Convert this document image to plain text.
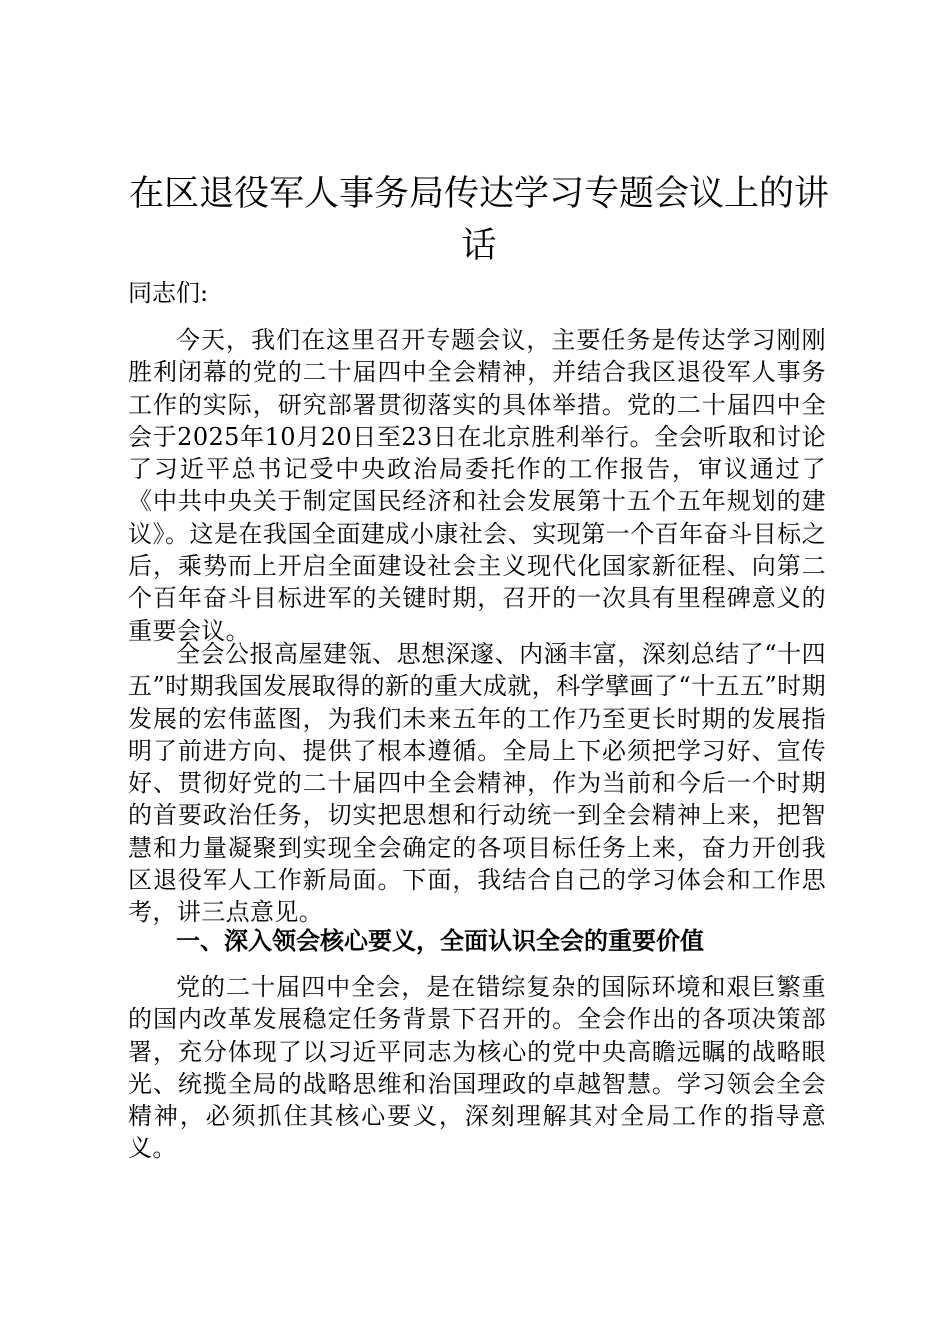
在区退役军人事务局传达学习专题会议上的讲话

同志们:

今天，我们在这里召开专题会议，主要任务是传达学习刚刚胜利闭幕的党的二十届四中全会精神，并结合我区退役军人事务工作的实际，研究部署贯彻落实的具体举措。党的二十届四中全会于2025年10月20日至23日在北京胜利举行。全会听取和讨论了习近平总书记受中央政治局委托作的工作报告，审议通过了《中共中央关于制定国民经济和社会发展第十五个五年规划的建议》。这是在我国全面建成小康社会、实现第一个百年奋斗目标之后，乘势而上开启全面建设社会主义现代化国家新征程、向第二个百年奋斗目标进军的关键时期，召开的一次具有里程碑意义的重要会议。

全会公报高屋建瓴、思想深邃、内涵丰富，深刻总结了“十四五”时期我国发展取得的新的重大成就，科学擘画了“十五五”时期发展的宏伟蓝图，为我们未来五年的工作乃至更长时期的发展指明了前进方向、提供了根本遵循。全局上下必须把学习好、宣传好、贯彻好党的二十届四中全会精神，作为当前和今后一个时期的首要政治任务，切实把思想和行动统一到全会精神上来，把智慧和力量凝聚到实现全会确定的各项目标任务上来，奋力开创我区退役军人工作新局面。下面，我结合自己的学习体会和工作思考，讲三点意见。

一、深入领会核心要义，全面认识全会的重要价值

党的二十届四中全会，是在错综复杂的国际环境和艰巨繁重的国内改革发展稳定任务背景下召开的。全会作出的各项决策部署，充分体现了以习近平同志为核心的党中央高瞻远瞩的战略眼光、统揽全局的战略思维和治国理政的卓越智慧。学习领会全会精神，必须抓住其核心要义，深刻理解其对全局工作的指导意义。
